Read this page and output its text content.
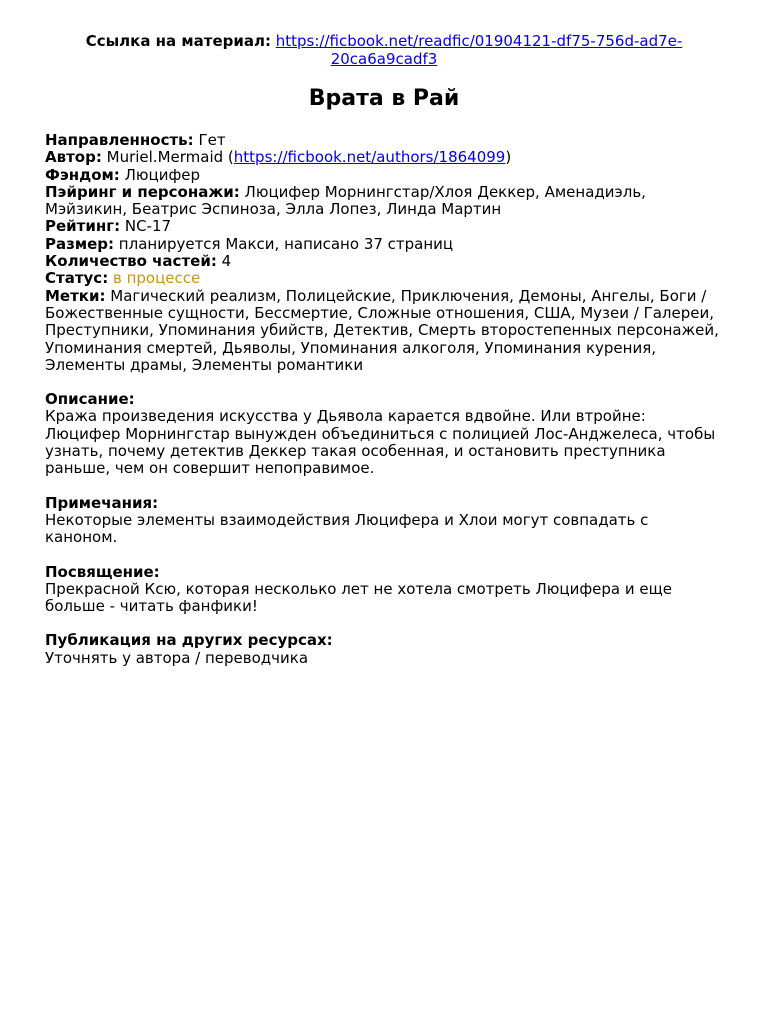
Ссылка на материал: https://ficbook.net/readfic/01904121-df75-756d-ad7e-
20ca6a9cadf3
Врата в Рай
Направленность: Гет
Автор: Muriel.Mermaid (https://ficbook.net/authors/1864099)
Фэндом: Люцифер
Пэйринг и персонажи: Люцифер Морнингстар/Хлоя Деккер, Аменадиэль, Мэйзикин, Беатрис Эспиноза, Элла Лопез, Линда Мартин
Рейтинг: NC-17
Размер: планируется Макси, написано 37 страниц
Количество частей: 4
Статус: в процессе
Метки: Магический реализм, Полицейские, Приключения, Демоны, Ангелы, Боги / Божественные сущности, Бессмертие, Сложные отношения, США, Музеи / Галереи, Преступники, Упоминания убийств, Детектив, Смерть второстепенных персонажей, Упоминания смертей, Дьяволы, Упоминания алкоголя, Упоминания курения, Элементы драмы, Элементы романтики
Описание:
Кража произведения искусства у Дьявола карается вдвойне. Или втройне: Люцифер Морнингстар вынужден объединиться с полицией Лос-Анджелеса, чтобы узнать, почему детектив Деккер такая особенная, и остановить преступника раньше, чем он совершит непоправимое.
Примечания:
Некоторые элементы взаимодействия Люцифера и Хлои могут совпадать с каноном.
Посвящение:
Прекрасной Ксю, которая несколько лет не хотела смотреть Люцифера и еще больше - читать фанфики!
Публикация на других ресурсах:
Уточнять у автора / переводчика
